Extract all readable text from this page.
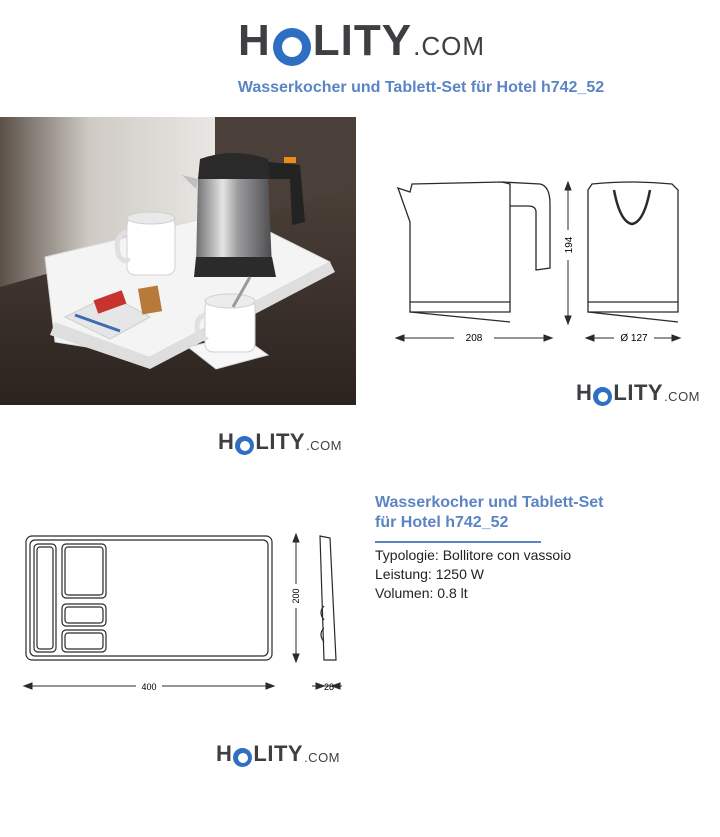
H LITY .COM
Wasserkocher und Tablett-Set für Hotel h742_52
208	Ø 127
194
H LITY .COM
H LITY .COM
400	28
200
Wasserkocher und Tablett-Set
für Hotel h742_52
Typologie: Bollitore con vassoio
Leistung: 1250 W
Volumen: 0.8 lt
H LITY .COM
